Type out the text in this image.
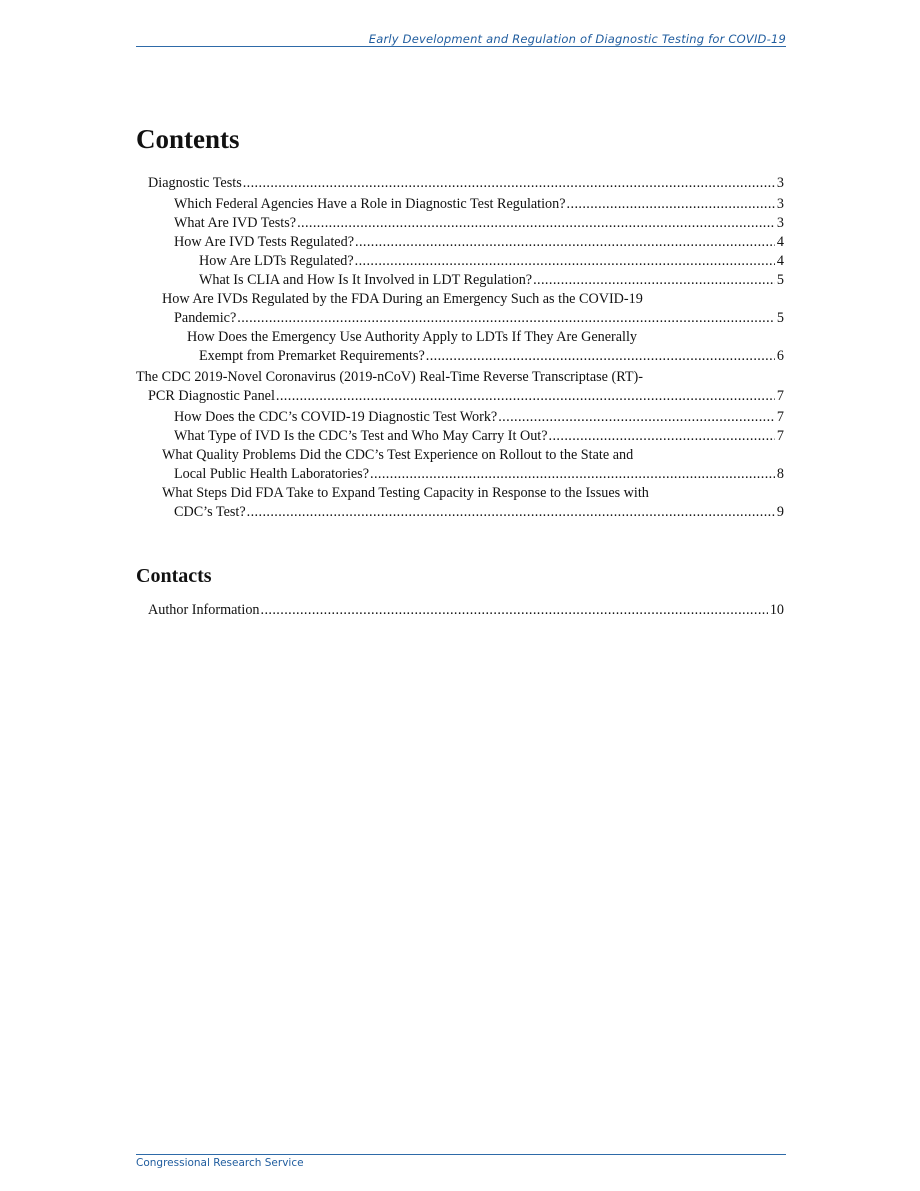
Early Development and Regulation of Diagnostic Testing for COVID-19
Contents
Diagnostic Tests .....	3
Which Federal Agencies Have a Role in Diagnostic Test Regulation? .....	3
What Are IVD Tests? .....	3
How Are IVD Tests Regulated? .....	4
How Are LDTs Regulated? .....	4
What Is CLIA and How Is It Involved in LDT Regulation? .....	5
How Are IVDs Regulated by the FDA During an Emergency Such as the COVID-19
Pandemic? .....	5
How Does the Emergency Use Authority Apply to LDTs If They Are Generally
Exempt from Premarket Requirements? .....	6
The CDC 2019-Novel Coronavirus (2019-nCoV) Real-Time Reverse Transcriptase (RT)-
PCR Diagnostic Panel .....	7
How Does the CDC’s COVID-19 Diagnostic Test Work? .....	7
What Type of IVD Is the CDC’s Test and Who May Carry It Out? .....	7
What Quality Problems Did the CDC’s Test Experience on Rollout to the State and
Local Public Health Laboratories? .....	8
What Steps Did FDA Take to Expand Testing Capacity in Response to the Issues with
CDC’s Test? .....	9
Contacts
Author Information .....	10
Congressional Research Service
